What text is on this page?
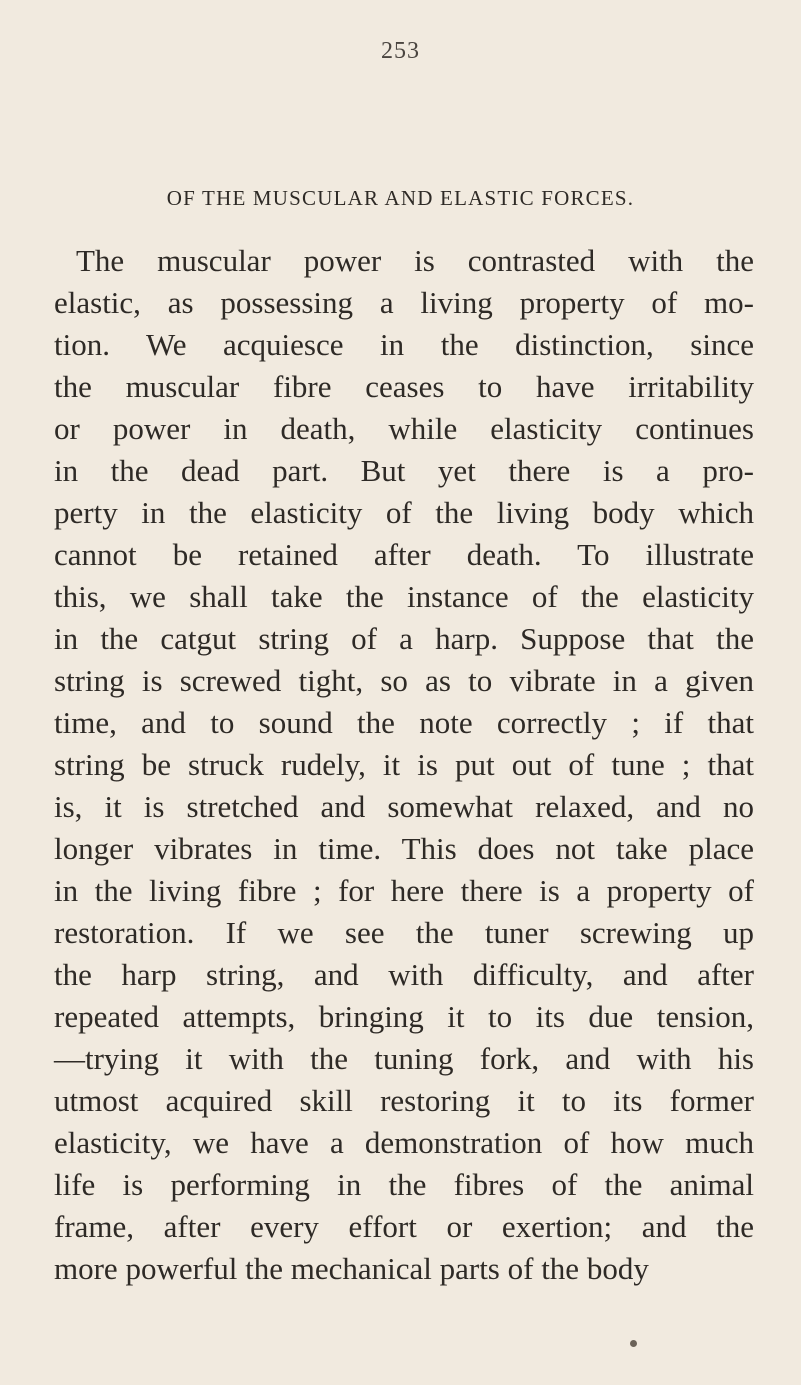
253
OF THE MUSCULAR AND ELASTIC FORCES.
The muscular power is contrasted with the
elastic, as possessing a living property of mo-
tion. We acquiesce in the distinction, since
the muscular fibre ceases to have irritability
or power in death, while elasticity continues
in the dead part. But yet there is a pro-
perty in the elasticity of the living body which
cannot be retained after death. To illustrate
this, we shall take the instance of the elasticity
in the catgut string of a harp. Suppose that the
string is screwed tight, so as to vibrate in a given
time, and to sound the note correctly ; if that
string be struck rudely, it is put out of tune ; that
is, it is stretched and somewhat relaxed, and no
longer vibrates in time. This does not take place
in the living fibre ; for here there is a property of
restoration. If we see the tuner screwing up
the harp string, and with difficulty, and after
repeated attempts, bringing it to its due tension,
—trying it with the tuning fork, and with his
utmost acquired skill restoring it to its former
elasticity, we have a demonstration of how much
life is performing in the fibres of the animal
frame, after every effort or exertion; and the
more powerful the mechanical parts of the body
